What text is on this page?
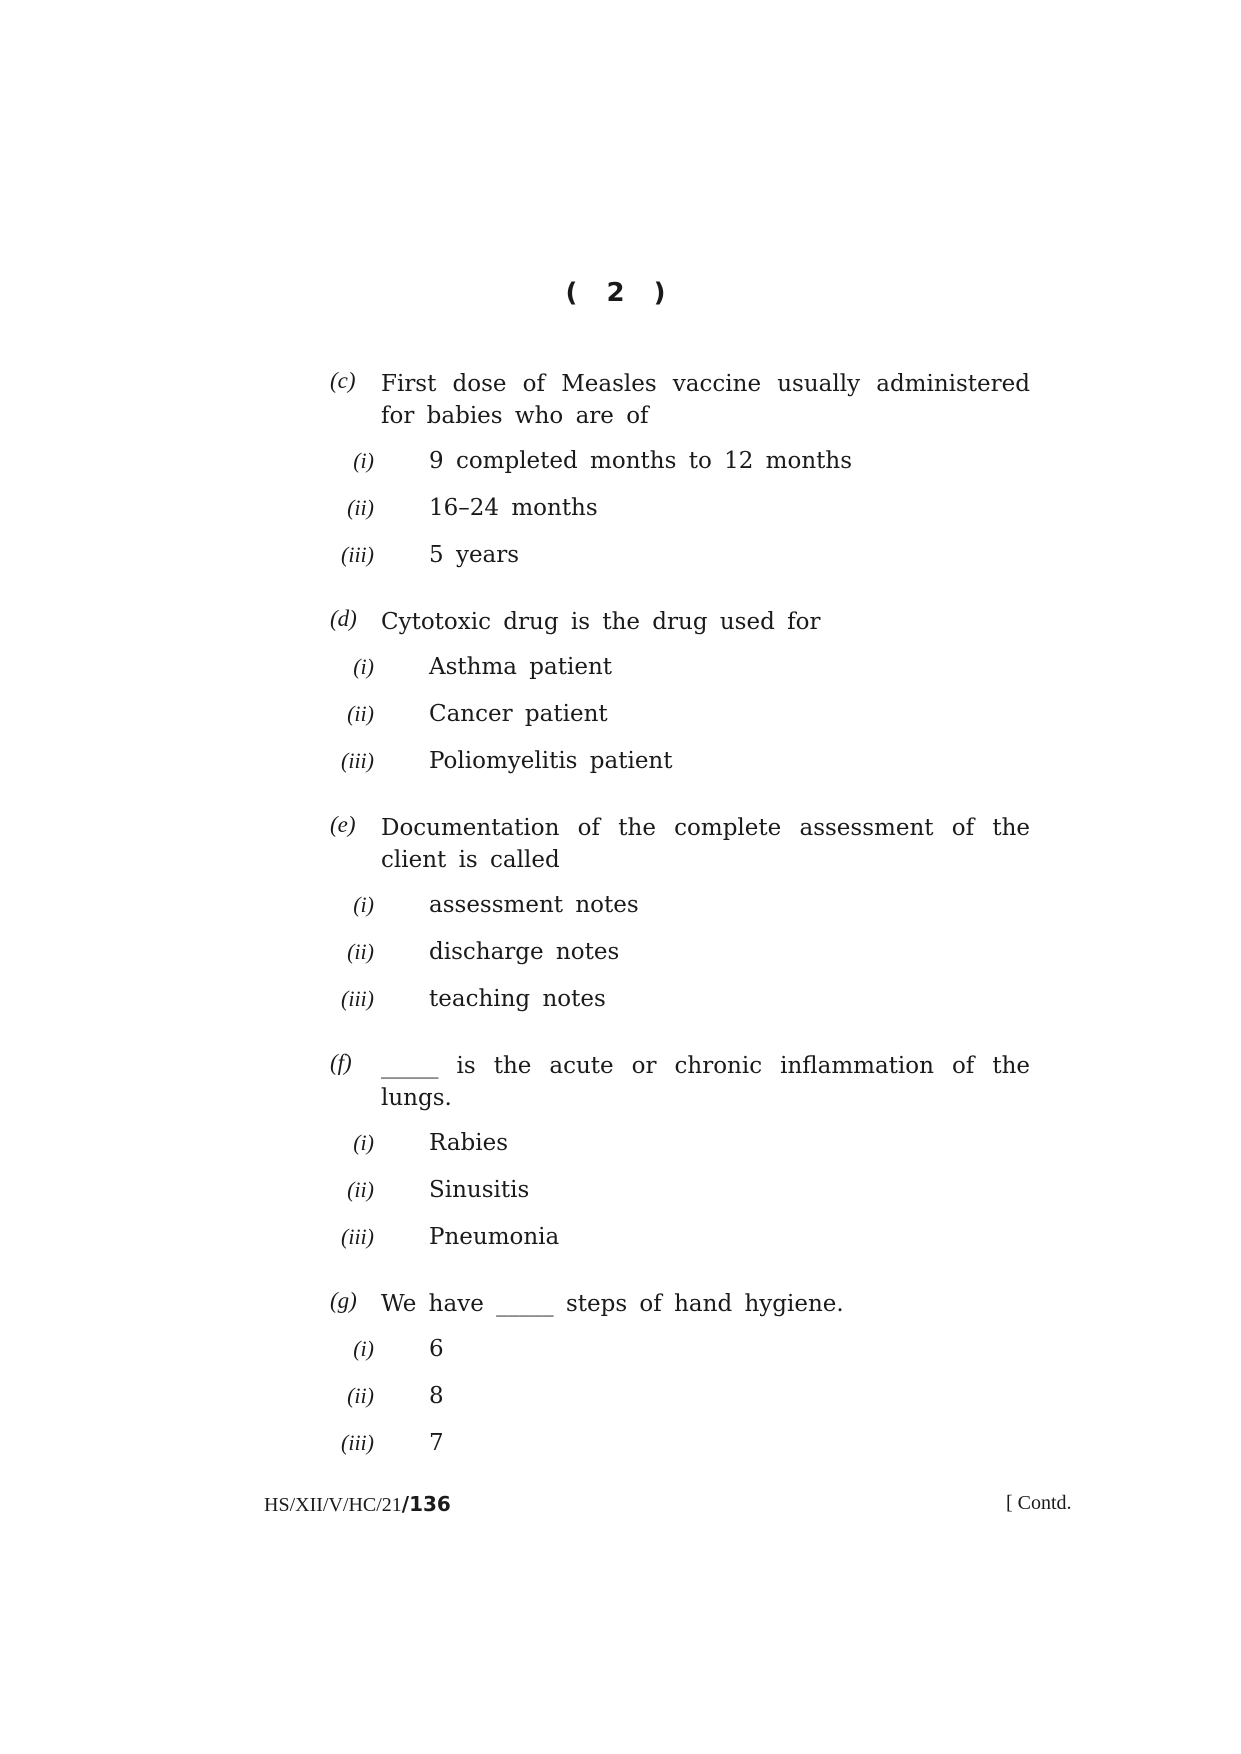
( 2 )
(c) First dose of Measles vaccine usually administered for babies who are of
(i) 9 completed months to 12 months
(ii) 16–24 months
(iii) 5 years
(d) Cytotoxic drug is the drug used for
(i) Asthma patient
(ii) Cancer patient
(iii) Poliomyelitis patient
(e) Documentation of the complete assessment of the client is called
(i) assessment notes
(ii) discharge notes
(iii) teaching notes
(f) _____ is the acute or chronic inflammation of the lungs.
(i) Rabies
(ii) Sinusitis
(iii) Pneumonia
(g) We have _____ steps of hand hygiene.
(i) 6
(ii) 8
(iii) 7
HS/XII/V/HC/21/136	[ Contd.
